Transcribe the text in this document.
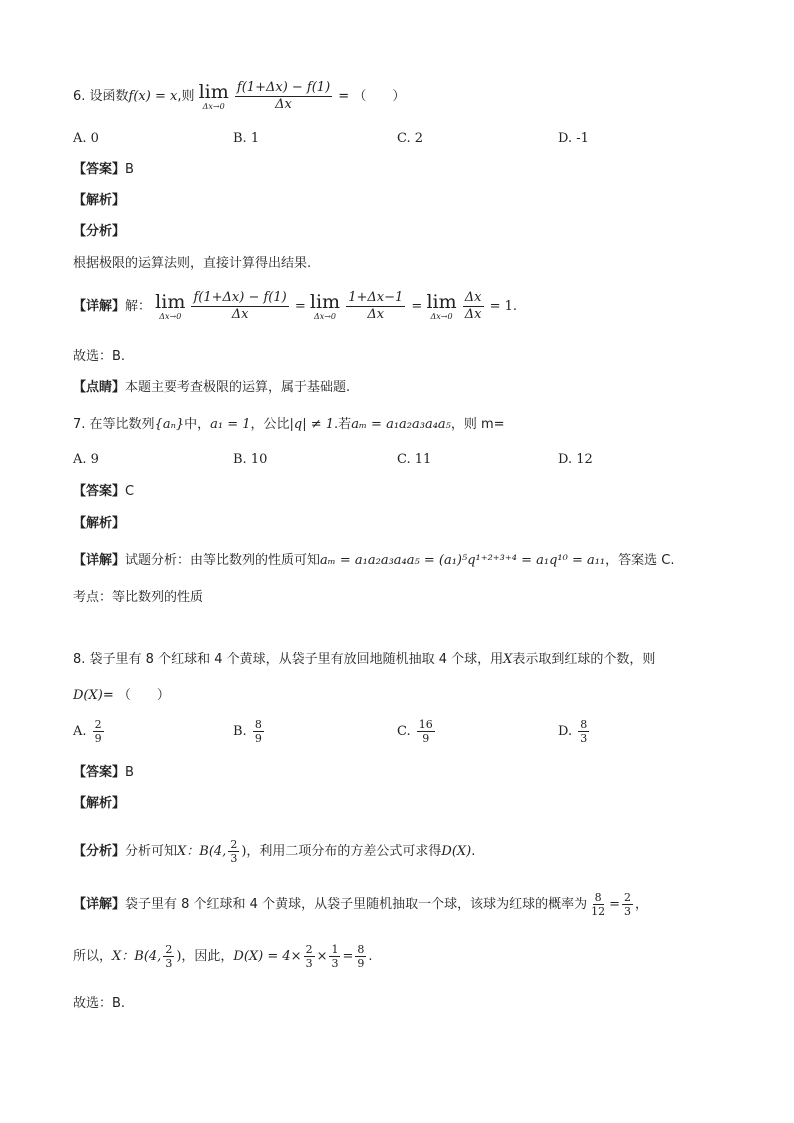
6. 设函数f(x) = x,则 lim
Δx→0
$\frac{f(1+\Delta x) - f(1)}{\Delta x}$ = （　　）
A. 0	B. 1	C. 2	D. -1
【答案】B
【解析】
【分析】
根据极限的运算法则，直接计算得出结果.
【详解】解： lim
Δx→0
$\frac{f(1+\Delta x) - f(1)}{\Delta x} = \lim$
Δx→0
$\frac{1+\Delta x-1}{\Delta x} = \lim$
Δx→0
$\frac{\Delta x}{\Delta x} = 1$.
故选：B.
【点睛】本题主要考查极限的运算，属于基础题.
7. 在等比数列{aₙ}中，a₁ = 1，公比|q| ≠ 1.若aₘ = a₁a₂a₃a₄a₅，则 m=
A. 9	B. 10	C. 11	D. 12
【答案】C
【解析】
【详解】试题分析：由等比数列的性质可知aₘ = a₁a₂a₃a₄a₅ = (a₁)⁵q¹⁺²⁺³⁺⁴ = a₁q¹⁰ = a₁₁，答案选 C.
考点：等比数列的性质
8. 袋子里有 8 个红球和 4 个黄球，从袋子里有放回地随机抽取 4 个球，用X表示取到红球的个数，则
D(X)= （　　）
A. $\frac{2}{9}$	B. $\frac{8}{9}$	C. $\frac{16}{9}$	D. $\frac{8}{3}$
【答案】B
【解析】
【分析】分析可知X：B(4, $\frac{2}{3}$ )，利用二项分布的方差公式可求得D(X).
【详解】袋子里有 8 个红球和 4 个黄球，从袋子里随机抽取一个球，该球为红球的概率为 $\frac{8}{12} = \frac{2}{3}$ ，
所以，X：B(4, $\frac{2}{3}$ )，因此，$D(X) = 4\times \frac{2}{3} \times \frac{1}{3} = \frac{8}{9}$ .
故选：B.
